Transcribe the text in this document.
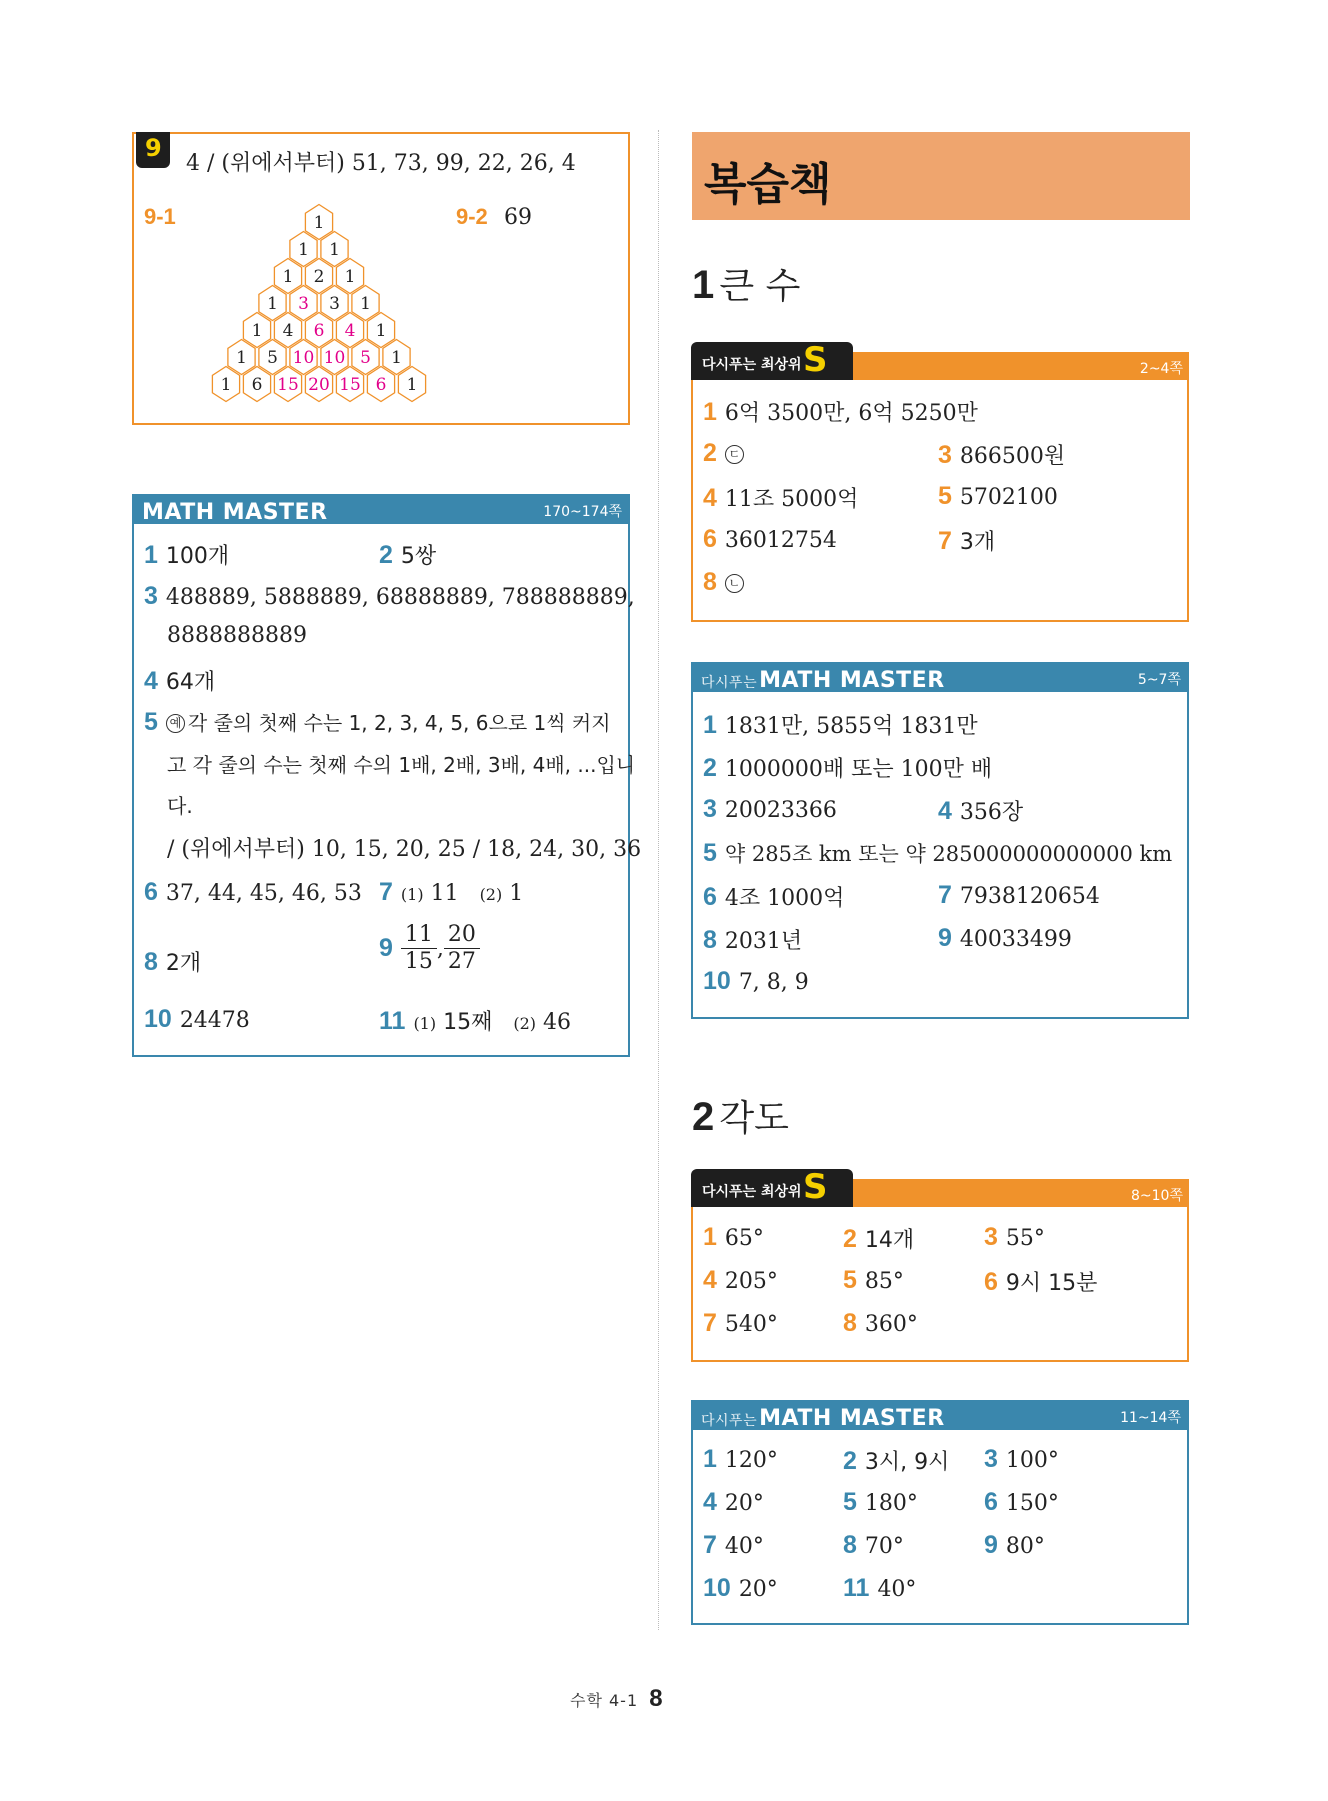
9
4 / (위에서부터) 51, 73, 99, 22, 26, 4
9-1	9-2 69
1
1 1
1 2 1
1 3 3 1
1 4 6 4 1
1 5 10 10 5 1
1 6 15 20 15 6 1
MATH MASTER	170~174쪽
1 100개	2 5쌍
3 488889, 5888889, 68888889, 788888889,
8888888889
4 64개
5 예 각 줄의 첫째 수는 1, 2, 3, 4, 5, 6으로 1씩 커지
고 각 줄의 수는 첫째 수의 1배, 2배, 3배, 4배, ...입니
다.
/ (위에서부터) 10, 15, 20, 25 / 18, 24, 30, 36
6 37, 44, 45, 46, 53 7 (1) 11 (2) 1
8 2개
$9 \frac{11}{15}$ , $\frac{20}{27}$
10 24478	11 (1) 15째 (2) 46
복습책
1 큰 수
다시푸는 최상위 S	2~4쪽
1 6억 3500만, 6억 5250만
2 ㄷ	3 866500원
4 11조 5000억	5 5702100
6 36012754	7 3개
8 ㄴ
다시푸는MATH MASTER	5~7쪽
1 1831만, 5855억 1831만
2 1000000배 또는 100만 배
3 20023366	4 356장
5 약 285조 km 또는 약 285000000000000 km
6 4조 1000억	7 7938120654
8 2031년	9 40033499
10 7, 8, 9
2 각도
다시푸는 최상위 S	8~10쪽
1 65°	2 14개	3 55°
4 205°	5 85°	6 9시 15분
7 540°	8 360°
다시푸는MATH MASTER	11~14쪽
1 120°	2 3시, 9시 3 100°
4 20°	5 180°	6 150°
7 40°	8 70°	9 80°
10 20°	11 40°
수학 4-1 8
